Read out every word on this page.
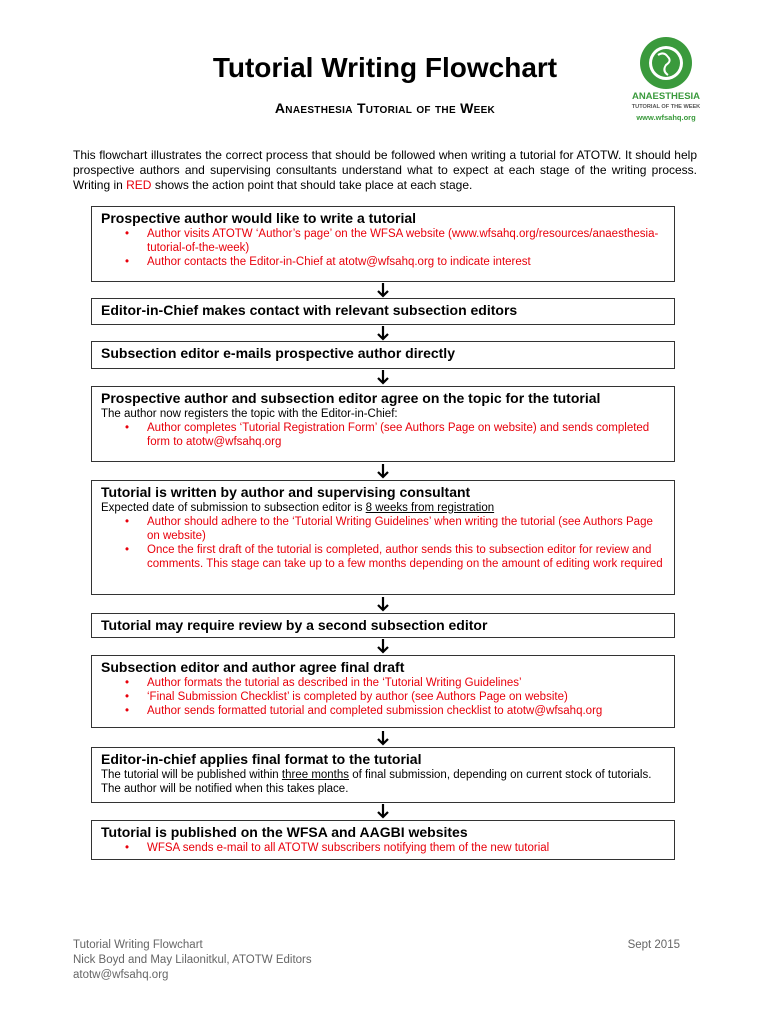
Tutorial Writing Flowchart
Anaesthesia Tutorial of the Week
ANAESTHESIA
TUTORIAL OF THE WEEK
www.wfsahq.org
This flowchart illustrates the correct process that should be followed when writing a tutorial for ATOTW. It should help prospective authors and supervising consultants understand what to expect at each stage of the writing process. Writing in RED shows the action point that should take place at each stage.
Prospective author would like to write a tutorial
• Author visits ATOTW ‘Author’s page’ on the WFSA website (www.wfsahq.org/resources/anaesthesia-tutorial-of-the-week)
• Author contacts the Editor-in-Chief at atotw@wfsahq.org to indicate interest
Editor-in-Chief makes contact with relevant subsection editors
Subsection editor e-mails prospective author directly
Prospective author and subsection editor agree on the topic for the tutorial

The author now registers the topic with the Editor-in-Chief:

• Author completes ‘Tutorial Registration Form’ (see Authors Page on website) and sends completed form to atotw@wfsahq.org
Tutorial is written by author and supervising consultant

Expected date of submission to subsection editor is 8 weeks from registration

• Author should adhere to the ‘Tutorial Writing Guidelines’ when writing the tutorial (see Authors Page on website)
• Once the first draft of the tutorial is completed, author sends this to subsection editor for review and comments. This stage can take up to a few months depending on the amount of editing work required
Tutorial may require review by a second subsection editor
Subsection editor and author agree final draft
• Author formats the tutorial as described in the ‘Tutorial Writing Guidelines’
• ‘Final Submission Checklist’ is completed by author (see Authors Page on website)
• Author sends formatted tutorial and completed submission checklist to atotw@wfsahq.org
Editor-in-chief applies final format to the tutorial

The tutorial will be published within three months of final submission, depending on current stock of tutorials. The author will be notified when this takes place.

Tutorial is published on the WFSA and AAGBI websites
• WFSA sends e-mail to all ATOTW subscribers notifying them of the new tutorial
Tutorial Writing Flowchart
Nick Boyd and May Lilaonitkul, ATOTW Editors
atotw@wfsahq.org
Sept 2015
